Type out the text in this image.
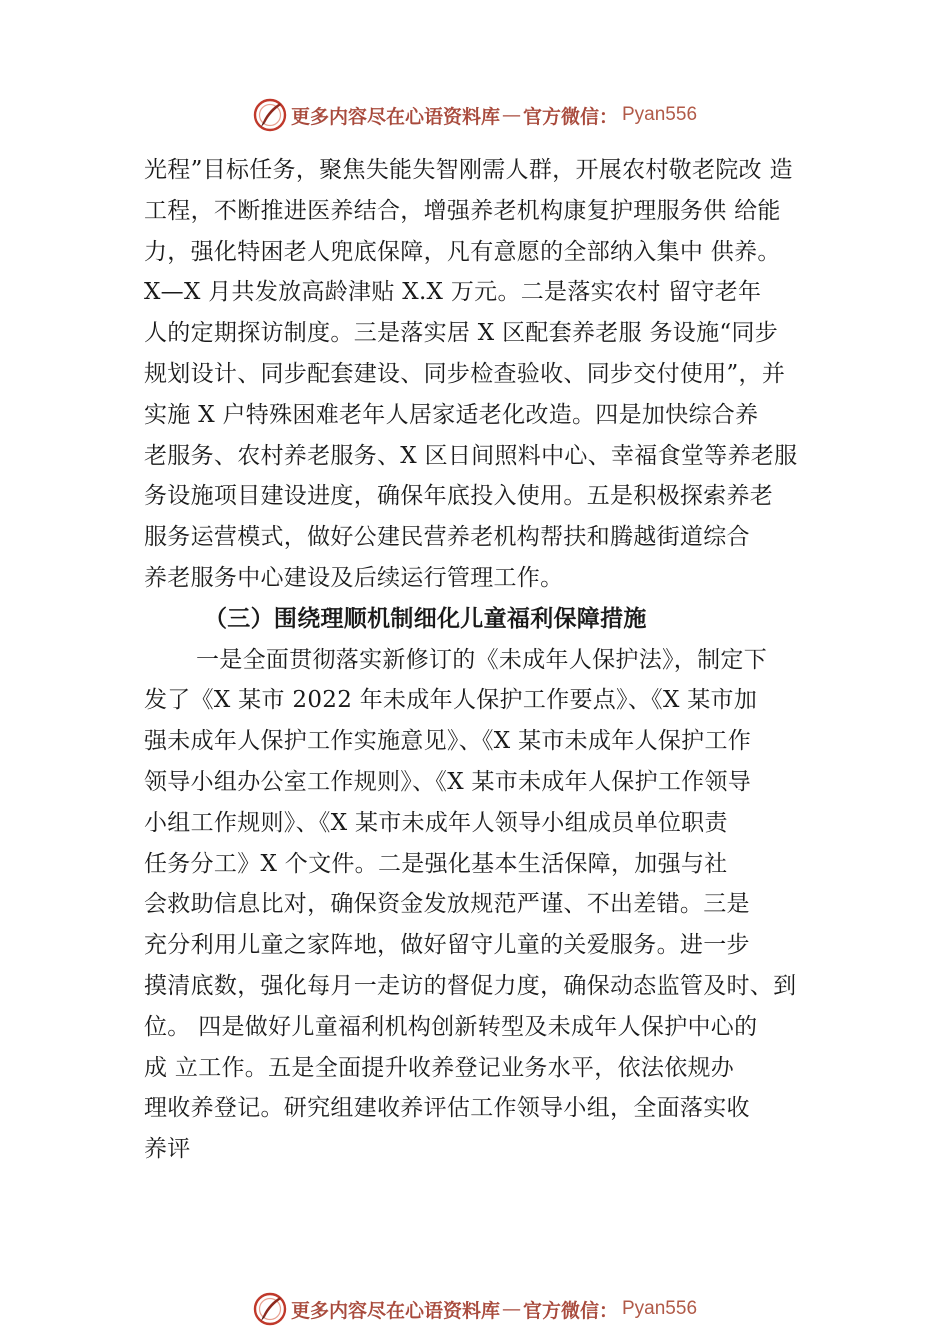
更多内容尽在心语资料库 — 官方微信： Pyan556
光程”目标任务，聚焦失能失智刚需人群，开展农村敬老院改 造
工程，不断推进医养结合，增强养老机构康复护理服务供 给能
力，强化特困老人兜底保障，凡有意愿的全部纳入集中 供养。
X—X 月共发放高龄津贴 X.X 万元。二是落实农村 留守老年
人的定期探访制度。三是落实居 X 区配套养老服 务设施“同步
规划设计、同步配套建设、同步检查验收、同步交付使用”，并
实施 X 户特殊困难老年人居家适老化改造。四是加快综合养
老服务、农村养老服务、X 区日间照料中心、幸福食堂等养老服
务设施项目建设进度，确保年底投入使用。五是积极探索养老
服务运营模式，做好公建民营养老机构帮扶和腾越街道综合
养老服务中心建设及后续运行管理工作。
（三）围绕理顺机制细化儿童福利保障措施
一是全面贯彻落实新修订的《未成年人保护法》，制定下
发了《X 某市 2022 年未成年人保护工作要点》、《X 某市加
强未成年人保护工作实施意见》、《X 某市未成年人保护工作
领导小组办公室工作规则》、《X 某市未成年人保护工作领导
小组工作规则》、《X 某市未成年人领导小组成员单位职责
任务分工》X 个文件。二是强化基本生活保障，加强与社
会救助信息比对，确保资金发放规范严谨、不出差错。三是
充分利用儿童之家阵地，做好留守儿童的关爱服务。进一步
摸清底数，强化每月一走访的督促力度，确保动态监管及时、到
位。 四是做好儿童福利机构创新转型及未成年人保护中心的
成 立工作。五是全面提升收养登记业务水平，依法依规办
理收养登记。研究组建收养评估工作领导小组，全面落实收
养评
更多内容尽在心语资料库 — 官方微信： Pyan556
